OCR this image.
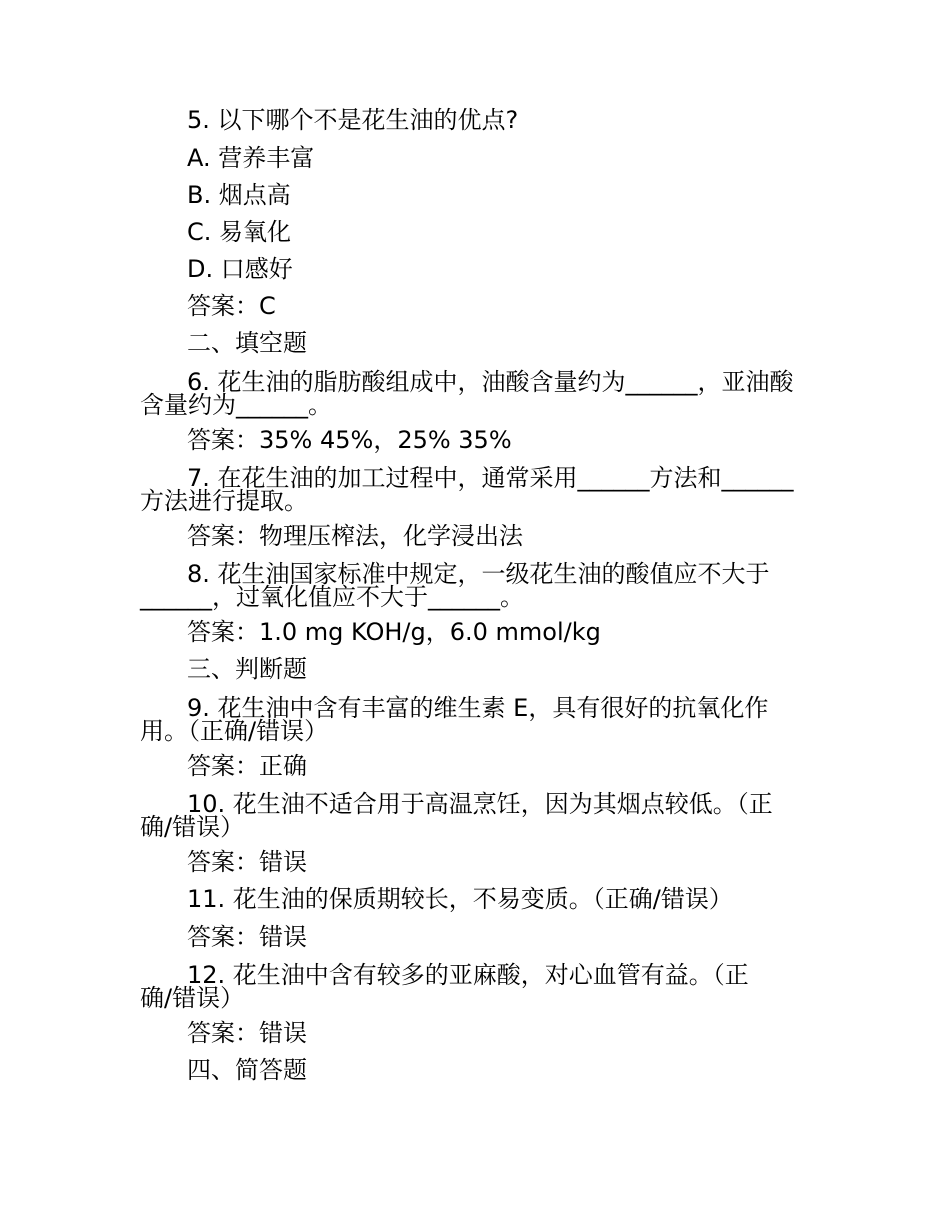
5. 以下哪个不是花生油的优点?
A. 营养丰富
B. 烟点高
C. 易氧化
D. 口感好
答案：C
二、填空题
6. 花生油的脂肪酸组成中，油酸含量约为______，亚油酸
含量约为______。
答案：35% 45%，25% 35%
7. 在花生油的加工过程中，通常采用______方法和______
方法进行提取。
答案：物理压榨法，化学浸出法
8. 花生油国家标准中规定，一级花生油的酸值应不大于
______，过氧化值应不大于______。
答案：1.0 mg KOH/g，6.0 mmol/kg
三、判断题
9. 花生油中含有丰富的维生素 E，具有很好的抗氧化作
用。（正确/错误）
答案：正确
10. 花生油不适合用于高温烹饪，因为其烟点较低。（正
确/错误）
答案：错误
11. 花生油的保质期较长，不易变质。（正确/错误）
答案：错误
12. 花生油中含有较多的亚麻酸，对心血管有益。（正
确/错误）
答案：错误
四、简答题
